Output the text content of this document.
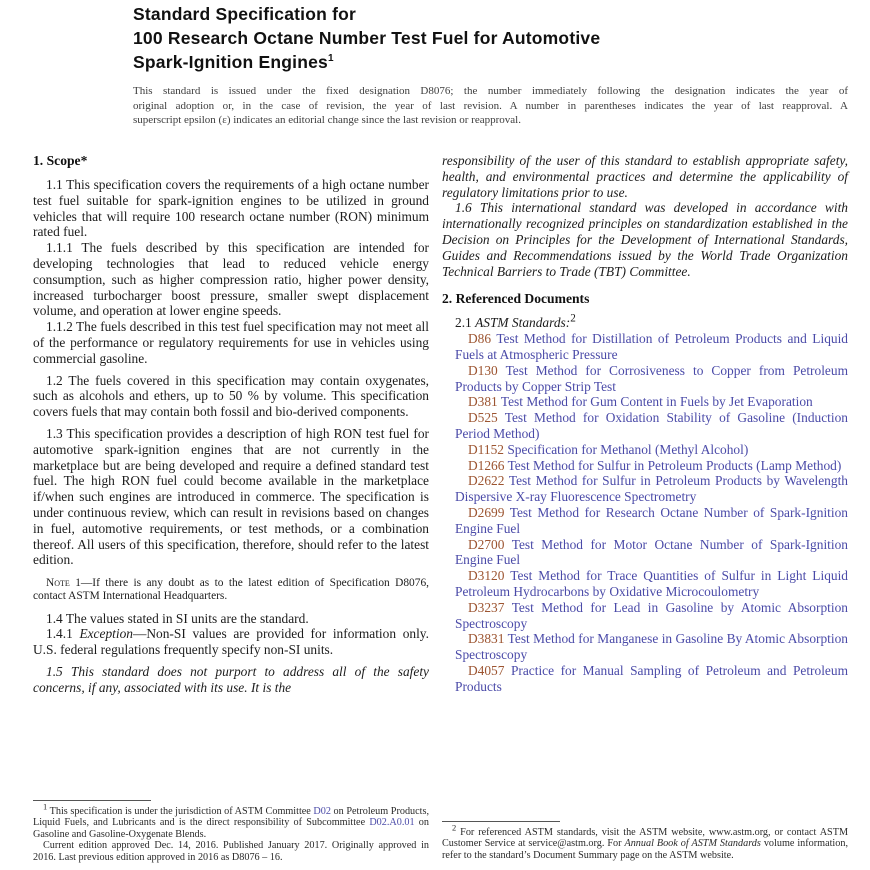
Standard Specification for
100 Research Octane Number Test Fuel for Automotive
Spark-Ignition Engines$^1$
This standard is issued under the fixed designation D8076; the number immediately following the designation indicates the year of
original adoption or, in the case of revision, the year of last revision. A number in parentheses indicates the year of last reapproval. A
superscript epsilon (ε) indicates an editorial change since the last revision or reapproval.
1. Scope*

1.1 This specification covers the requirements of a high octane number test fuel suitable for spark-ignition engines to be utilized in ground vehicles that will require 100 research octane number (RON) minimum rated fuel.

1.1.1 The fuels described by this specification are intended for developing technologies that lead to reduced vehicle energy consumption, such as higher compression ratio, higher power density, increased turbocharger boost pressure, smaller swept displacement volume, and operation at lower engine speeds.

1.1.2 The fuels described in this test fuel specification may not meet all of the performance or regulatory requirements for use in vehicles using commercial gasoline.

1.2 The fuels covered in this specification may contain oxygenates, such as alcohols and ethers, up to 50 % by volume. This specification covers fuels that may contain both fossil and bio-derived components.

1.3 This specification provides a description of high RON test fuel for automotive spark-ignition engines that are not currently in the marketplace but are being developed and require a defined standard test fuel. The high RON fuel could become available in the marketplace if/when such engines are introduced in commerce. The specification is under continuous review, which can result in revisions based on changes in fuel, automotive requirements, or test methods, or a combination thereof. All users of this specification, therefore, should refer to the latest edition.

Note 1—If there is any doubt as to the latest edition of Specification D8076, contact ASTM International Headquarters.

1.4 The values stated in SI units are the standard.

1.4.1 Exception—Non-SI values are provided for information only. U.S. federal regulations frequently specify non-SI units.

1.5 This standard does not purport to address all of the safety concerns, if any, associated with its use. It is the

responsibility of the user of this standard to establish appropriate safety, health, and environmental practices and determine the applicability of regulatory limitations prior to use.

1.6 This international standard was developed in accordance with internationally recognized principles on standardization established in the Decision on Principles for the Development of International Standards, Guides and Recommendations issued by the World Trade Organization Technical Barriers to Trade (TBT) Committee.

2. Referenced Documents

2.1 ASTM Standards:$^2$

D86 Test Method for Distillation of Petroleum Products and Liquid Fuels at Atmospheric Pressure

D130 Test Method for Corrosiveness to Copper from Petroleum Products by Copper Strip Test

D381 Test Method for Gum Content in Fuels by Jet Evaporation

D525 Test Method for Oxidation Stability of Gasoline (Induction Period Method)

D1152 Specification for Methanol (Methyl Alcohol)

D1266 Test Method for Sulfur in Petroleum Products (Lamp Method)

D2622 Test Method for Sulfur in Petroleum Products by Wavelength Dispersive X-ray Fluorescence Spectrometry

D2699 Test Method for Research Octane Number of Spark-Ignition Engine Fuel

D2700 Test Method for Motor Octane Number of Spark-Ignition Engine Fuel

D3120 Test Method for Trace Quantities of Sulfur in Light Liquid Petroleum Hydrocarbons by Oxidative Microcoulometry

D3237 Test Method for Lead in Gasoline by Atomic Absorption Spectroscopy

D3831 Test Method for Manganese in Gasoline By Atomic Absorption Spectroscopy

D4057 Practice for Manual Sampling of Petroleum and Petroleum Products

$^1$ This specification is under the jurisdiction of ASTM Committee D02 on Petroleum Products, Liquid Fuels, and Lubricants and is the direct responsibility of Subcommittee D02.A0.01 on Gasoline and Gasoline-Oxygenate Blends.

Current edition approved Dec. 14, 2016. Published January 2017. Originally approved in 2016. Last previous edition approved in 2016 as D8076 – 16.

$^2$ For referenced ASTM standards, visit the ASTM website, www.astm.org, or contact ASTM Customer Service at service@astm.org. For Annual Book of ASTM Standards volume information, refer to the standard’s Document Summary page on the ASTM website.
